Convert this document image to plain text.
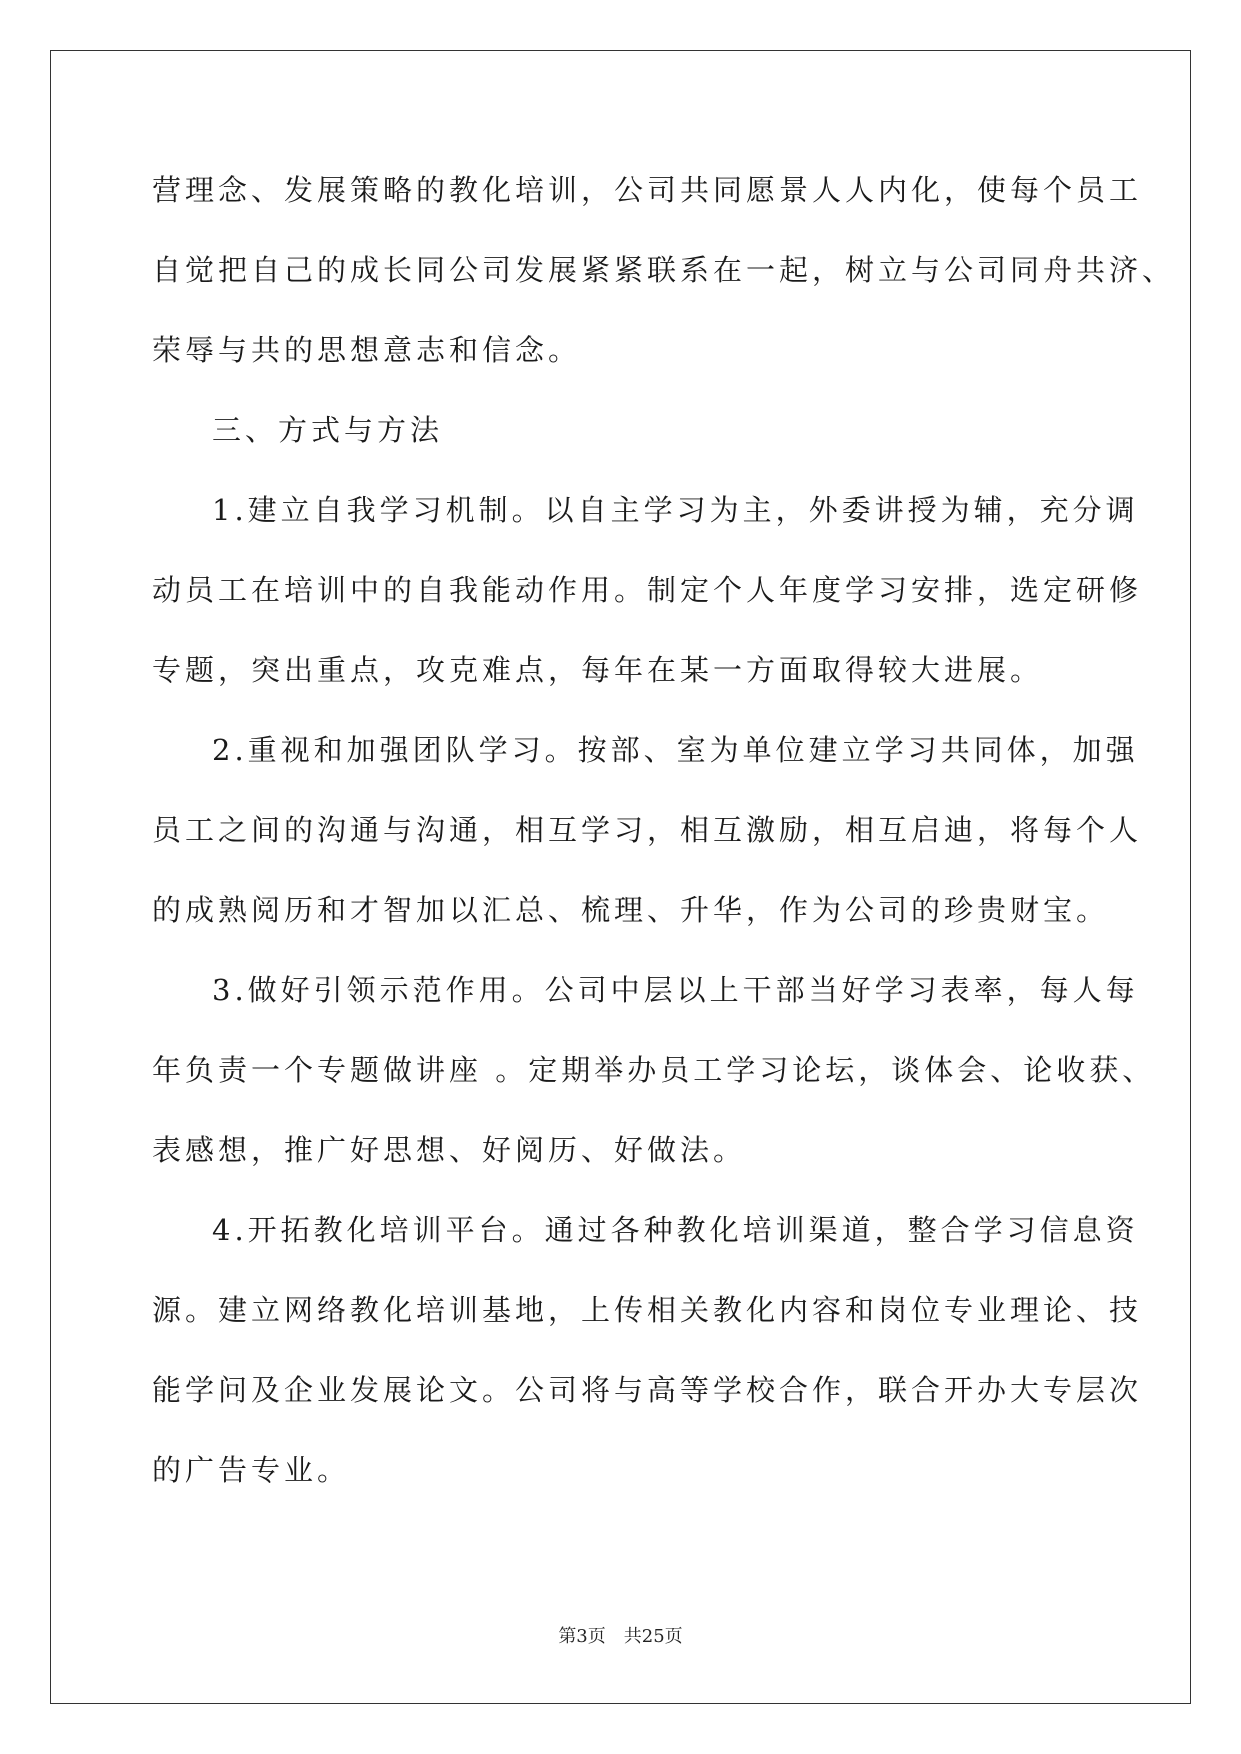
营理念、发展策略的教化培训，公司共同愿景人人内化，使每个员工
自觉把自己的成长同公司发展紧紧联系在一起，树立与公司同舟共济、
荣辱与共的思想意志和信念。
三、方式与方法
1.建立自我学习机制。以自主学习为主，外委讲授为辅，充分调
动员工在培训中的自我能动作用。制定个人年度学习安排，选定研修
专题，突出重点，攻克难点，每年在某一方面取得较大进展。
2.重视和加强团队学习。按部、室为单位建立学习共同体，加强
员工之间的沟通与沟通，相互学习，相互激励，相互启迪，将每个人
的成熟阅历和才智加以汇总、梳理、升华，作为公司的珍贵财宝。
3.做好引领示范作用。公司中层以上干部当好学习表率，每人每
年负责一个专题做讲座 。定期举办员工学习论坛，谈体会、论收获、
表感想，推广好思想、好阅历、好做法。
4.开拓教化培训平台。通过各种教化培训渠道，整合学习信息资
源。建立网络教化培训基地，上传相关教化内容和岗位专业理论、技
能学问及企业发展论文。公司将与高等学校合作，联合开办大专层次
的广告专业。
第3页 共25页
